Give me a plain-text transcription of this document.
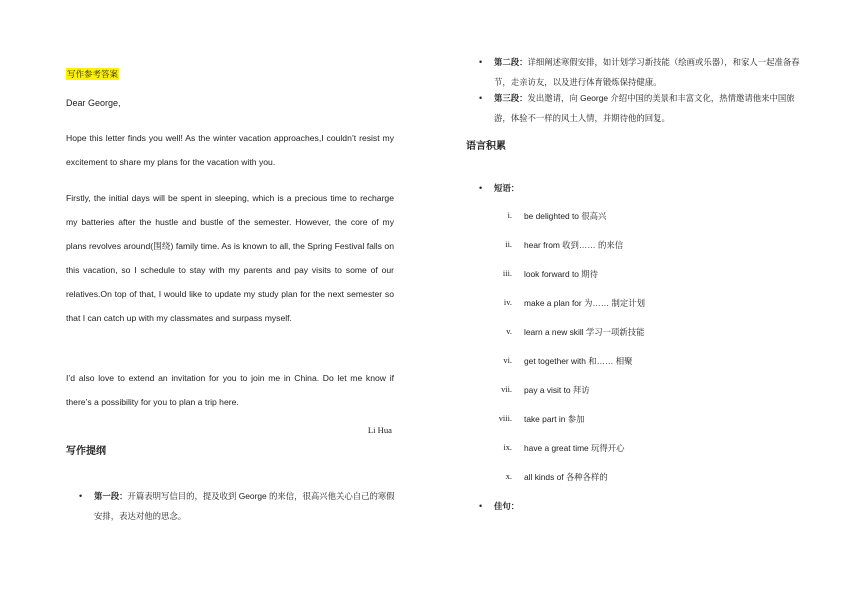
写作参考答案
Dear George,

Hope this letter finds you well! As the winter vacation approaches,I couldn’t resist my excitement to share my plans for the vacation with you.

Firstly, the initial days will be spent in sleeping, which is a precious time to recharge my batteries after the hustle and bustle of the semester. However, the core of my plans revolves around(围绕) family time. As is known to all, the Spring Festival falls on this vacation, so I schedule to stay with my parents and pay visits to some of our relatives.On top of that, I would like to update my study plan for the next semester so that I can catch up with my classmates and surpass myself.

I’d also love to extend an invitation for you to join me in China. Do let me know if there’s a possibility for you to plan a trip here.

Li Hua
写作提纲
• 第一段：开篇表明写信目的，提及收到 George 的来信，很高兴他关心自己的寒假安排，表达对他的思念。
• 第二段：详细阐述寒假安排，如计划学习新技能（绘画或乐器），和家人一起准备春节，走亲访友，以及进行体育锻炼保持健康。
• 第三段：发出邀请，向 George 介绍中国的美景和丰富文化，热情邀请他来中国旅游，体验不一样的风土人情，并期待他的回复。
语言积累
• 短语：
i. be delighted to 很高兴
ii. hear from 收到…… 的来信
iii. look forward to 期待
iv. make a plan for 为…… 制定计划
v. learn a new skill 学习一项新技能
vi. get together with 和…… 相聚
vii. pay a visit to 拜访
viii. take part in 参加
ix. have a great time 玩得开心
x. all kinds of 各种各样的
• 佳句：
